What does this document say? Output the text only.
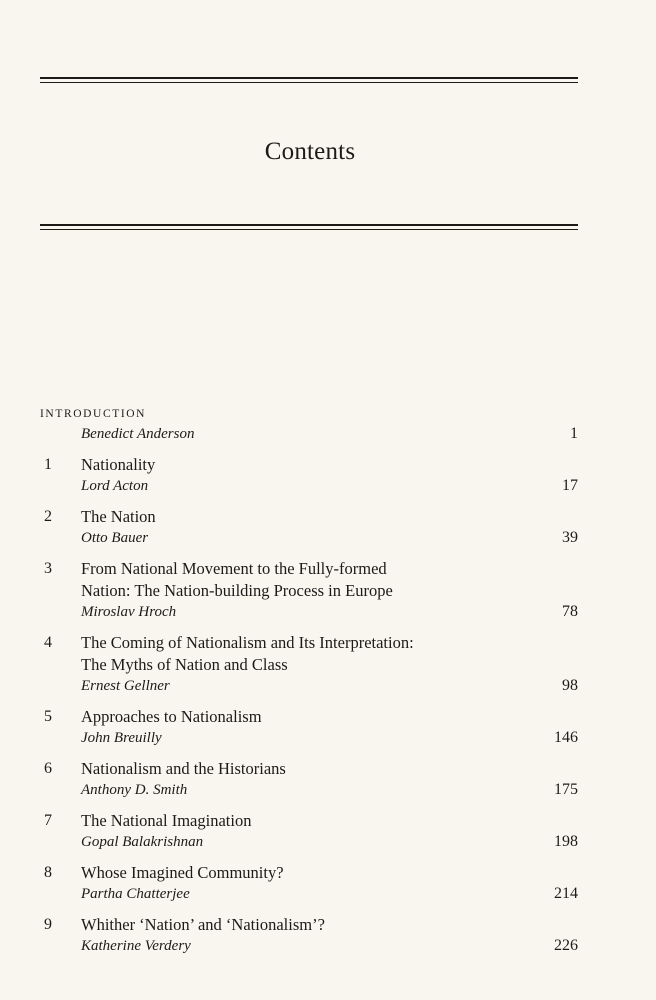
Contents
INTRODUCTION
Benedict Anderson	1
1 Nationality
Lord Acton	17
2 The Nation
Otto Bauer	39
3 From National Movement to the Fully-formed
Nation: The Nation-building Process in Europe
Miroslav Hroch	78
4 The Coming of Nationalism and Its Interpretation:
The Myths of Nation and Class
Ernest Gellner	98
5 Approaches to Nationalism
John Breuilly	146
6 Nationalism and the Historians
Anthony D. Smith	175
7 The National Imagination
Gopal Balakrishnan	198
8 Whose Imagined Community?
Partha Chatterjee	214
9 Whither ‘Nation’ and ‘Nationalism’?
Katherine Verdery	226
